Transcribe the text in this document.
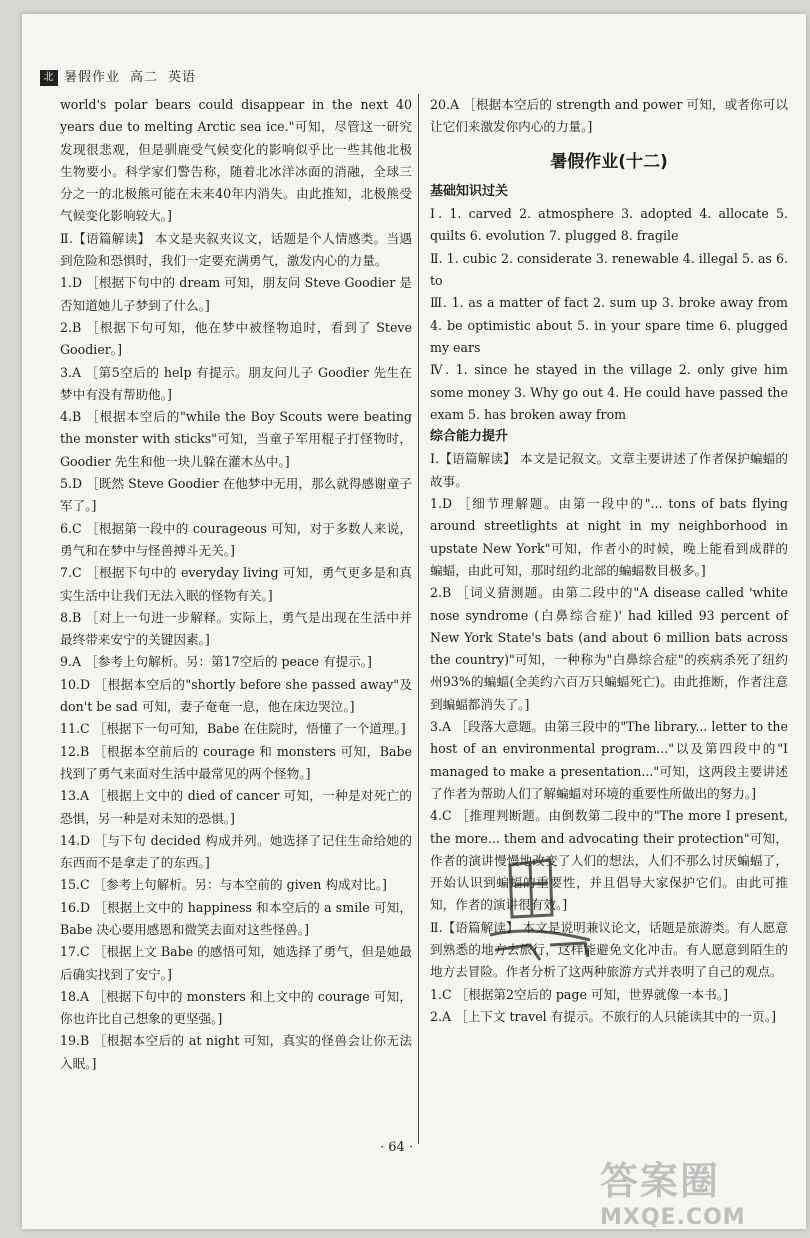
北 暑假作业 高二 英语

world's polar bears could disappear in the next 40 years due to melting Arctic sea ice."可知，尽管这一研究发现很悲观，但是驯鹿受气候变化的影响似乎比一些其他北极生物要小。科学家们警告称，随着北冰洋冰面的消融，全球三分之一的北极熊可能在未来40年内消失。由此推知，北极熊受气候变化影响较大。]

Ⅱ.【语篇解读】 本文是夹叙夹议文，话题是个人情感类。当遇到危险和恐惧时，我们一定要充满勇气，激发内心的力量。

1.D ［根据下句中的 dream 可知，朋友问 Steve Goodier 是否知道她儿子梦到了什么。]

2.B ［根据下句可知，他在梦中被怪物追时，看到了 Steve Goodier。]

3.A ［第5空后的 help 有提示。朋友问儿子 Goodier 先生在梦中有没有帮助他。]

4.B ［根据本空后的"while the Boy Scouts were beating the monster with sticks"可知，当童子军用棍子打怪物时，Goodier 先生和他一块儿躲在灌木丛中。]

5.D ［既然 Steve Goodier 在他梦中无用，那么就得感谢童子军了。]

6.C ［根据第一段中的 courageous 可知，对于多数人来说，勇气和在梦中与怪兽搏斗无关。]

7.C ［根据下句中的 everyday living 可知，勇气更多是和真实生活中让我们无法入眠的怪物有关。]

8.B ［对上一句进一步解释。实际上，勇气是出现在生活中并最终带来安宁的关键因素。]

9.A ［参考上句解析。另：第17空后的 peace 有提示。]

10.D ［根据本空后的"shortly before she passed away"及 don't be sad 可知，妻子奄奄一息，他在床边哭泣。]

11.C ［根据下一句可知，Babe 在住院时，悟懂了一个道理。]

12.B ［根据本空前后的 courage 和 monsters 可知，Babe 找到了勇气来面对生活中最常见的两个怪物。]

13.A ［根据上文中的 died of cancer 可知，一种是对死亡的恐惧，另一种是对未知的恐惧。]

14.D ［与下句 decided 构成并列。她选择了记住生命给她的东西而不是拿走了的东西。]

15.C ［参考上句解析。另：与本空前的 given 构成对比。]

16.D ［根据上文中的 happiness 和本空后的 a smile 可知，Babe 决心要用感恩和微笑去面对这些怪兽。]

17.C ［根据上文 Babe 的感悟可知，她选择了勇气，但是她最后确实找到了安宁。]

18.A ［根据下句中的 monsters 和上文中的 courage 可知，你也许比自己想象的更坚强。]

19.B ［根据本空后的 at night 可知，真实的怪兽会让你无法入眠。]

20.A ［根据本空后的 strength and power 可知，或者你可以让它们来激发你内心的力量。]

暑假作业(十二)

基础知识过关

Ⅰ. 1. carved 2. atmosphere 3. adopted 4. allocate 5. quilts 6. evolution 7. plugged 8. fragile

Ⅱ. 1. cubic 2. considerate 3. renewable 4. illegal 5. as 6. to

Ⅲ. 1. as a matter of fact 2. sum up 3. broke away from 4. be optimistic about 5. in your spare time 6. plugged my ears

Ⅳ. 1. since he stayed in the village 2. only give him some money 3. Why go out 4. He could have passed the exam 5. has broken away from

综合能力提升

Ⅰ.【语篇解读】 本文是记叙文。文章主要讲述了作者保护蝙蝠的故事。

1.D ［细节理解题。由第一段中的"... tons of bats flying around streetlights at night in my neighborhood in upstate New York"可知，作者小的时候，晚上能看到成群的蝙蝠，由此可知，那时纽约北部的蝙蝠数目极多。]

2.B ［词义猜测题。由第二段中的"A disease called 'white nose syndrome (白鼻综合症)' had killed 93 percent of New York State's bats (and about 6 million bats across the country)"可知，一种称为"白鼻综合症"的疾病杀死了纽约州93%的蝙蝠(全美约六百万只蝙蝠死亡)。由此推断，作者注意到蝙蝠都消失了。]

3.A ［段落大意题。由第三段中的"The library... letter to the host of an environmental program..."以及第四段中的"I managed to make a presentation..."可知，这两段主要讲述了作者为帮助人们了解蝙蝠对环境的重要性所做出的努力。]

4.C ［推理判断题。由倒数第二段中的"The more I present, the more... them and advocating their protection"可知，作者的演讲慢慢地改变了人们的想法，人们不那么讨厌蝙蝠了，开始认识到蝙蝠的重要性，并且倡导大家保护它们。由此可推知，作者的演讲很有效。]

Ⅱ.【语篇解读】 本文是说明兼议论文，话题是旅游类。有人愿意到熟悉的地方去旅行，这样能避免文化冲击。有人愿意到陌生的地方去冒险。作者分析了这两种旅游方式并表明了自己的观点。

1.C ［根据第2空后的 page 可知，世界就像一本书。]

2.A ［上下文 travel 有提示。不旅行的人只能读其中的一页。]

· 64 ·
答案圈
MXQE.COM
